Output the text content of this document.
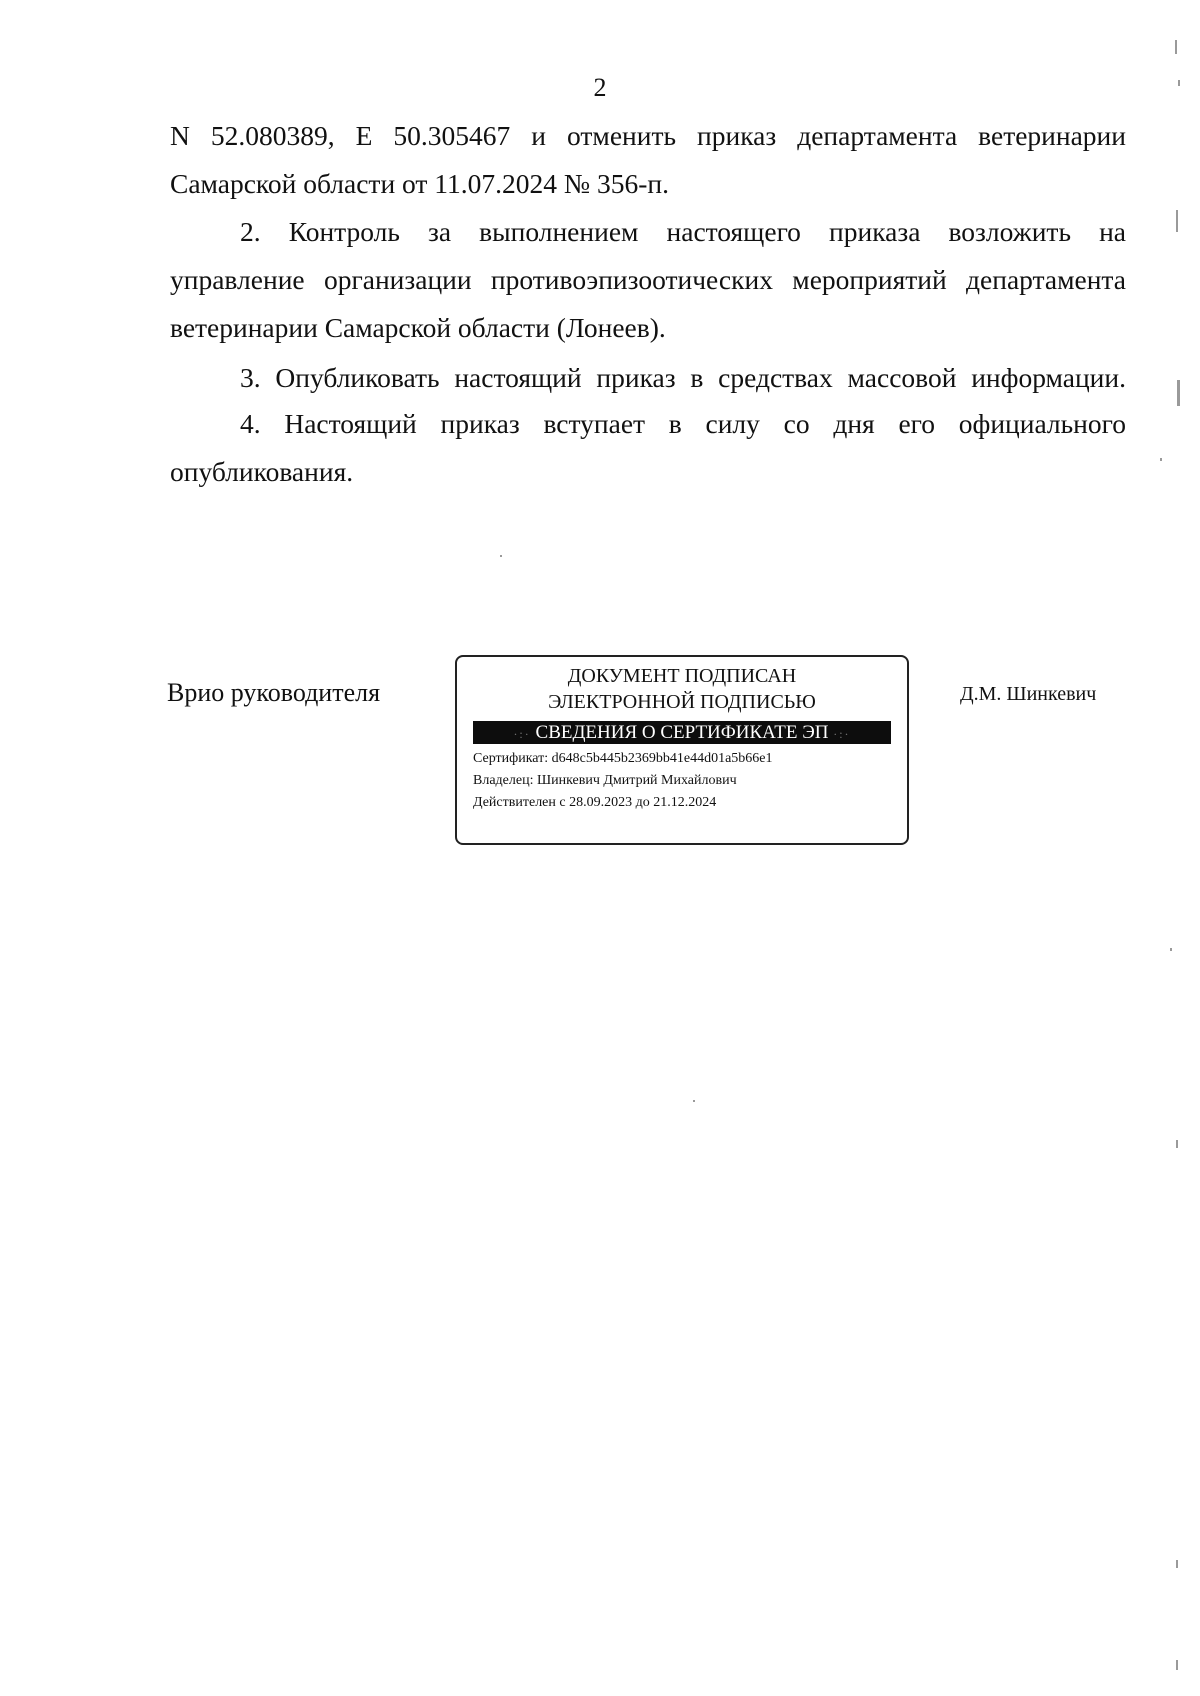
2
N 52.080389, Е 50.305467 и отменить приказ департамента ветеринарии
Самарской области от 11.07.2024 № 356-п.
2. Контроль за выполнением настоящего приказа возложить на
управление организации противоэпизоотических мероприятий департамента
ветеринарии Самарской области (Лонеев).
3. Опубликовать настоящий приказ в средствах массовой информации.
4. Настоящий приказ вступает в силу со дня его официального
опубликования.
Врио руководителя
ДОКУМЕНТ ПОДПИСАН
ЭЛЕКТРОННОЙ ПОДПИСЬЮ
·:· СВЕДЕНИЯ О СЕРТИФИКАТЕ ЭП ·:·
Сертификат: d648c5b445b2369bb41e44d01a5b66e1
Владелец: Шинкевич Дмитрий Михайлович
Действителен с 28.09.2023 до 21.12.2024
Д.М. Шинкевич
